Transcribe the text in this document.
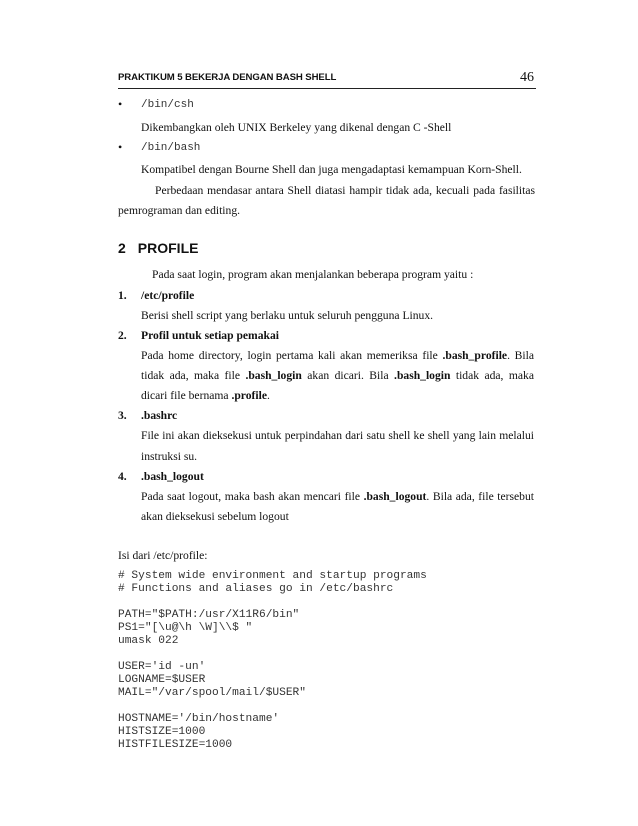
PRAKTIKUM 5 BEKERJA DENGAN BASH SHELL	46
• /bin/csh
Dikembangkan oleh UNIX Berkeley yang dikenal dengan C -Shell
• /bin/bash
Kompatibel dengan Bourne Shell dan juga mengadaptasi kemampuan Korn-Shell.
Perbedaan mendasar antara Shell diatasi hampir tidak ada, kecuali pada fasilitas
pemrograman dan editing.
2 PROFILE
Pada saat login, program akan menjalankan beberapa program yaitu :
1. /etc/profile
Berisi shell script yang berlaku untuk seluruh pengguna Linux.
2. Profil untuk setiap pemakai
Pada home directory, login pertama kali akan memeriksa file .bash_profile. Bila
tidak ada, maka file .bash_login akan dicari. Bila .bash_login tidak ada, maka
dicari file bernama .profile.
3. .bashrc
File ini akan dieksekusi untuk perpindahan dari satu shell ke shell yang lain melalui
instruksi su.
4. .bash_logout
Pada saat logout, maka bash akan mencari file .bash_logout. Bila ada, file tersebut
akan dieksekusi sebelum logout
Isi dari /etc/profile:
# System wide environment and startup programs
# Functions and aliases go in /etc/bashrc
PATH="$PATH:/usr/X11R6/bin"
PS1="[\u@\h \W]\\$ "
umask 022
USER='id -un'
LOGNAME=$USER
MAIL="/var/spool/mail/$USER"
HOSTNAME='/bin/hostname'
HISTSIZE=1000
HISTFILESIZE=1000
